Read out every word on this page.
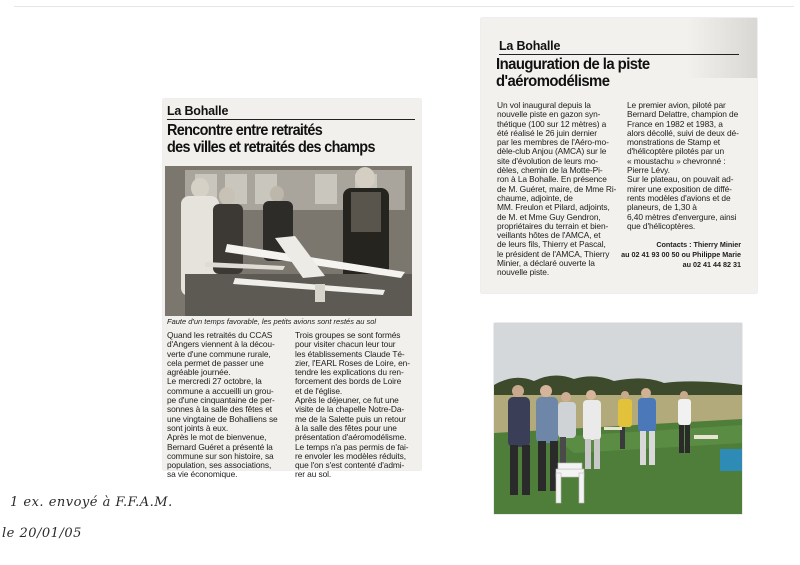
La Bohalle
Rencontre entre retraités
des villes et retraités des champs
Faute d'un temps favorable, les petits avions sont restés au sol

Quand les retraités du CCAS

d'Angers viennent à la décou-

verte d'une commune rurale,

cela permet de passer une

agréable journée.

Le mercredi 27 octobre, la

commune a accueilli un grou-

pe d'une cinquantaine de per-

sonnes à la salle des fêtes et

une vingtaine de Bohalliens se

sont joints à eux.

Après le mot de bienvenue,

Bernard Guéret a présenté la

commune sur son histoire, sa

population, ses associations,

sa vie économique.

Trois groupes se sont formés

pour visiter chacun leur tour

les établissements Claude Té-

zier, l'EARL Roses de Loire, en-

tendre les explications du ren-

forcement des bords de Loire

et de l'église.

Après le déjeuner, ce fut une

visite de la chapelle Notre-Da-

me de la Salette puis un retour

à la salle des fêtes pour une

présentation d'aéromodélisme.

Le temps n'a pas permis de fai-

re envoler les modèles réduits,

que l'on s'est contenté d'admi-

rer au sol.

La Bohalle
Inauguration de la piste
d'aéromodélisme

Un vol inaugural depuis la

nouvelle piste en gazon syn-

thétique (100 sur 12 mètres) a

été réalisé le 26 juin dernier

par les membres de l'Aéro-mo-

dèle-club Anjou (AMCA) sur le

site d'évolution de leurs mo-

dèles, chemin de la Motte-Pi-

ron à La Bohalle. En présence

de M. Guéret, maire, de Mme Ri-

chaume, adjointe, de

MM. Freulon et Pilard, adjoints,

de M. et Mme Guy Gendron,

propriétaires du terrain et bien-

veillants hôtes de l'AMCA, et

de leurs fils, Thierry et Pascal,

le président de l'AMCA, Thierry

Minier, a déclaré ouverte la

nouvelle piste.

Le premier avion, piloté par

Bernard Delattre, champion de

France en 1982 et 1983, a

alors décollé, suivi de deux dé-

monstrations de Stamp et

d'hélicoptère pilotés par un

« moustachu » chevronné :

Pierre Lévy.

Sur le plateau, on pouvait ad-

mirer une exposition de diffé-

rents modèles d'avions et de

planeurs, de 1,30 à

6,40 mètres d'envergure, ainsi

que d'hélicoptères.

Contacts : Thierry Minier
au 02 41 93 00 50 ou Philippe Marie
au 02 41 44 82 31
1 ex. envoyé à F.F.A.M.
le 20/01/05
